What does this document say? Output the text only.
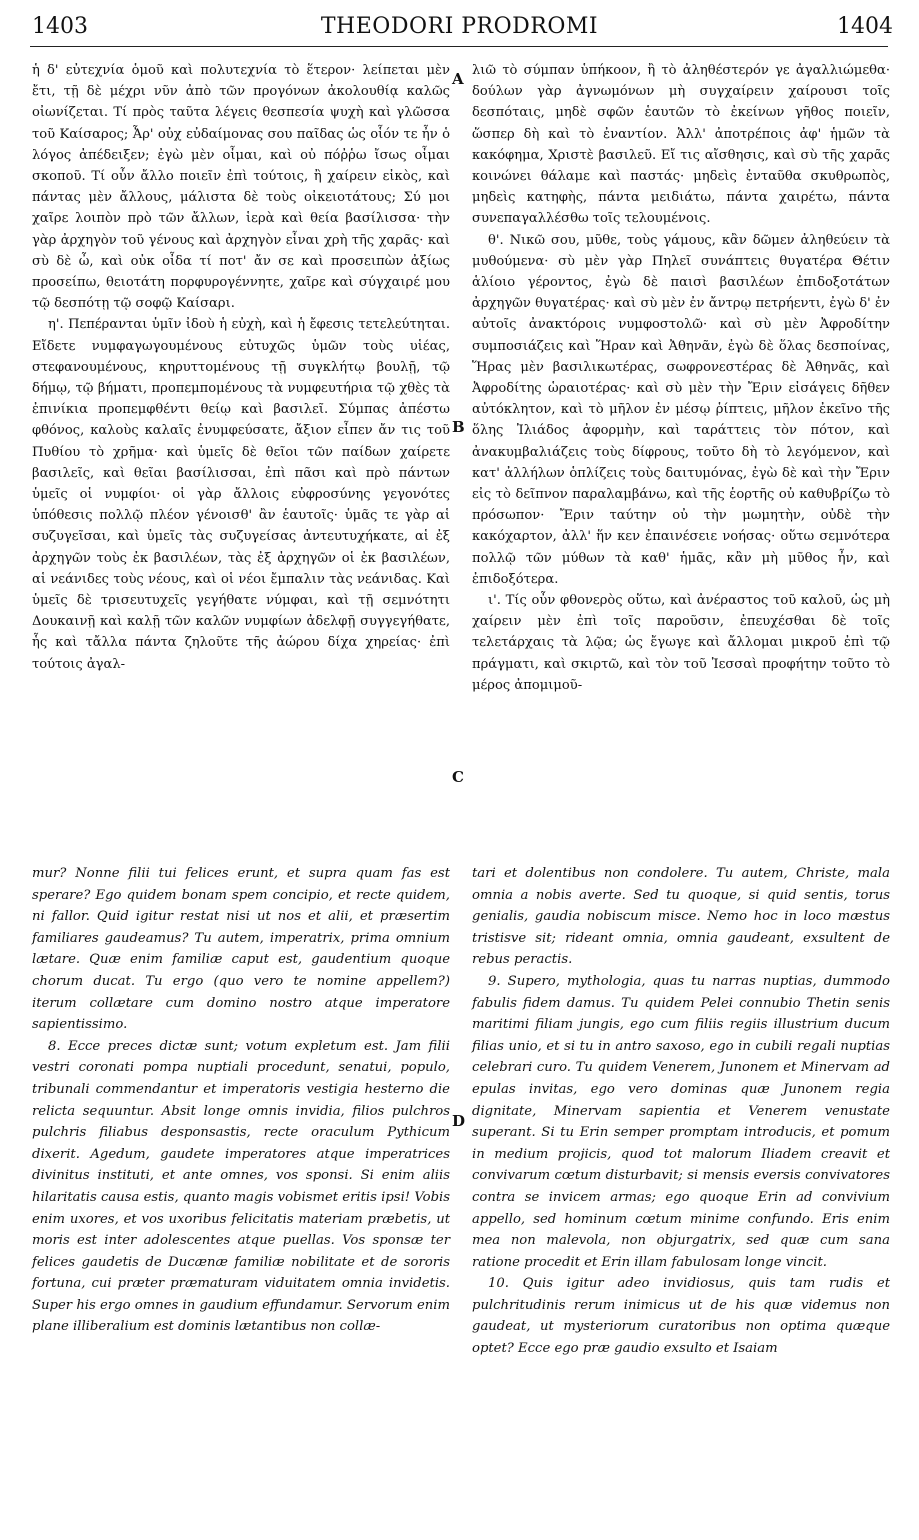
1403	THEODORI PRODROMI	1404

ἡ δ' εὐτεχνία ὁμοῦ καὶ πολυτεχνία τὸ ἕτερον· λείπεται μὲν ἔτι, τῇ δὲ μέχρι νῦν ἀπὸ τῶν προγόνων ἀκολουθίᾳ καλῶς οἰωνίζεται. Τί πρὸς ταῦτα λέγεις θεσπεσία ψυχὴ καὶ γλῶσσα τοῦ Καίσαρος; Ἆρ' οὐχ εὐδαίμονας σου παῖδας ὡς οἷόν τε ἦν ὁ λόγος ἀπέδειξεν; ἐγὼ μὲν οἶμαι, καὶ οὐ πόῤῥω ἴσως οἶμαι σκοποῦ. Τί οὖν ἄλλο ποιεῖν ἐπὶ τούτοις, ἢ χαίρειν εἰκὸς, καὶ πάντας μὲν ἄλλους, μάλιστα δὲ τοὺς οἰκειοτάτους; Σύ μοι χαῖρε λοιπὸν πρὸ τῶν ἄλλων, ἱερὰ καὶ θεία βασίλισσα· τὴν γὰρ ἀρχηγὸν τοῦ γένους καὶ ἀρχηγὸν εἶναι χρὴ τῆς χαρᾶς· καὶ σὺ δὲ ὦ, καὶ οὐκ οἶδα τί ποτ' ἄν σε καὶ προσειπὼν ἀξίως προσείπω, θειοτάτη πορφυρογέννητε, χαῖρε καὶ σύγχαιρέ μου τῷ δεσπότῃ τῷ σοφῷ Καίσαρι.

η'. Πεπέρανται ὑμῖν ἰδοὺ ἡ εὐχὴ, καὶ ἡ ἔφεσις τετελεύτηται. Εἴδετε νυμφαγωγουμένους εὐτυχῶς ὑμῶν τοὺς υἱέας, στεφανουμένους, κηρυττομένους τῇ συγκλήτῳ βουλῇ, τῷ δήμῳ, τῷ βήματι, προπεμπομένους τὰ νυμφευτήρια τῷ χθὲς τὰ ἐπινίκια προπεμφθέντι θείῳ καὶ βασιλεῖ. Σύμπας ἀπέστω φθόνος, καλοὺς καλαῖς ἐνυμφεύσατε, ἄξιον εἶπεν ἄν τις τοῦ Πυθίου τὸ χρῆμα· καὶ ὑμεῖς δὲ θεῖοι τῶν παίδων χαίρετε βασιλεῖς, καὶ θεῖαι βασίλισσαι, ἐπὶ πᾶσι καὶ πρὸ πάντων ὑμεῖς οἱ νυμφίοι· οἱ γὰρ ἄλλοις εὐφροσύνης γεγονότες ὑπόθεσις πολλῷ πλέον γένοισθ' ἂν ἑαυτοῖς· ὑμᾶς τε γὰρ αἱ συζυγεῖσαι, καὶ ὑμεῖς τὰς συζυγείσας ἀντευτυχήκατε, αἱ ἐξ ἀρχηγῶν τοὺς ἐκ βασιλέων, τὰς ἐξ ἀρχηγῶν οἱ ἐκ βασιλέων, αἱ νεάνιδες τοὺς νέους, καὶ οἱ νέοι ἔμπαλιν τὰς νεάνιδας. Καὶ ὑμεῖς δὲ τρισευτυχεῖς γεγήθατε νύμφαι, καὶ τῇ σεμνότητι Δουκαινῇ καὶ καλῇ τῶν καλῶν νυμφίων ἀδελφῇ συγγεγήθατε, ἧς καὶ τἄλλα πάντα ζηλοῦτε τῆς ἀώρου δίχα χηρείας· ἐπὶ τούτοις ἀγαλ-

λιῶ τὸ σύμπαν ὑπήκοον, ἢ τὸ ἀληθέστερόν γε ἀγαλλιώμεθα· δούλων γὰρ ἀγνωμόνων μὴ συγχαίρειν χαίρουσι τοῖς δεσπόταις, μηδὲ σφῶν ἑαυτῶν τὸ ἐκείνων γῆθος ποιεῖν, ὥσπερ δὴ καὶ τὸ ἐναντίον. Ἀλλ' ἀποτρέποις ἀφ' ἡμῶν τὰ κακόφημα, Χριστὲ βασιλεῦ. Εἴ τις αἴσθησις, καὶ σὺ τῆς χαρᾶς κοινώνει θάλαμε καὶ παστάς· μηδεὶς ἐνταῦθα σκυθρωπὸς, μηδεὶς κατηφὴς, πάντα μειδιάτω, πάντα χαιρέτω, πάντα συνεπαγαλλέσθω τοῖς τελουμένοις.

θ'. Νικῶ σου, μῦθε, τοὺς γάμους, κἂν δῶμεν ἀληθεύειν τὰ μυθούμενα· σὺ μὲν γὰρ Πηλεῖ συνάπτεις θυγατέρα Θέτιν ἁλίοιο γέροντος, ἐγὼ δὲ παισὶ βασιλέων ἐπιδοξοτάτων ἀρχηγῶν θυγατέρας· καὶ σὺ μὲν ἐν ἄντρῳ πετρήεντι, ἐγὼ δ' ἐν αὐτοῖς ἀνακτόροις νυμφοστολῶ· καὶ σὺ μὲν Ἀφροδίτην συμποσιάζεις καὶ Ἥραν καὶ Ἀθηνᾶν, ἐγὼ δὲ ὅλας δεσποίνας, Ἥρας μὲν βασιλικωτέρας, σωφρονεστέρας δὲ Ἀθηνᾶς, καὶ Ἀφροδίτης ὡραιοτέρας· καὶ σὺ μὲν τὴν Ἔριν εἰσάγεις δῆθεν αὐτόκλητον, καὶ τὸ μῆλον ἐν μέσῳ ῥίπτεις, μῆλον ἐκεῖνο τῆς ὅλης Ἰλιάδος ἀφορμὴν, καὶ ταράττεις τὸν πότον, καὶ ἀνακυμβαλιάζεις τοὺς δίφρους, τοῦτο δὴ τὸ λεγόμενον, καὶ κατ' ἀλλήλων ὁπλίζεις τοὺς δαιτυμόνας, ἐγὼ δὲ καὶ τὴν Ἔριν εἰς τὸ δεῖπνον παραλαμβάνω, καὶ τῆς ἑορτῆς οὐ καθυβρίζω τὸ πρόσωπον· Ἔριν ταύτην οὐ τὴν μωμητὴν, οὐδὲ τὴν κακόχαρτον, ἀλλ' ἥν κεν ἐπαινέσειε νοήσας· οὕτω σεμνότερα πολλῷ τῶν μύθων τὰ καθ' ἡμᾶς, κἂν μὴ μῦθος ἦν, καὶ ἐπιδοξότερα.

ι'. Τίς οὖν φθονερὸς οὕτω, καὶ ἀνέραστος τοῦ καλοῦ, ὡς μὴ χαίρειν μὲν ἐπὶ τοῖς παροῦσιν, ἐπευχέσθαι δὲ τοῖς τελετάρχαις τὰ λῷα; ὡς ἔγωγε καὶ ἄλλομαι μικροῦ ἐπὶ τῷ πράγματι, καὶ σκιρτῶ, καὶ τὸν τοῦ Ἰεσσαὶ προφήτην τοῦτο τὸ μέρος ἀπομιμοῦ-

mur? Nonne filii tui felices erunt, et supra quam fas est sperare? Ego quidem bonam spem concipio, et recte quidem, ni fallor. Quid igitur restat nisi ut nos et alii, et præsertim familiares gaudeamus? Tu autem, imperatrix, prima omnium lætare. Quæ enim familiæ caput est, gaudentium quoque chorum ducat. Tu ergo (quo vero te nomine appellem?) iterum collætare cum domino nostro atque imperatore sapientissimo.

8. Ecce preces dictæ sunt; votum expletum est. Jam filii vestri coronati pompa nuptiali procedunt, senatui, populo, tribunali commendantur et imperatoris vestigia hesterno die relicta sequuntur. Absit longe omnis invidia, filios pulchros pulchris filiabus desponsastis, recte oraculum Pythicum dixerit. Agedum, gaudete imperatores atque imperatrices divinitus instituti, et ante omnes, vos sponsi. Si enim aliis hilaritatis causa estis, quanto magis vobismet eritis ipsi! Vobis enim uxores, et vos uxoribus felicitatis materiam præbetis, ut moris est inter adolescentes atque puellas. Vos sponsæ ter felices gaudetis de Ducænæ familiæ nobilitate et de sororis fortuna, cui præter præmaturam viduitatem omnia invidetis. Super his ergo omnes in gaudium effundamur. Servorum enim plane illiberalium est dominis lætantibus non collæ-

tari et dolentibus non condolere. Tu autem, Christe, mala omnia a nobis averte. Sed tu quoque, si quid sentis, torus genialis, gaudia nobiscum misce. Nemo hoc in loco mæstus tristisve sit; rideant omnia, omnia gaudeant, exsultent de rebus peractis.

9. Supero, mythologia, quas tu narras nuptias, dummodo fabulis fidem damus. Tu quidem Pelei connubio Thetin senis maritimi filiam jungis, ego cum filiis regiis illustrium ducum filias unio, et si tu in antro saxoso, ego in cubili regali nuptias celebrari curo. Tu quidem Venerem, Junonem et Minervam ad epulas invitas, ego vero dominas quæ Junonem regia dignitate, Minervam sapientia et Venerem venustate superant. Si tu Erin semper promptam introducis, et pomum in medium projicis, quod tot malorum Iliadem creavit et convivarum cœtum disturbavit; si mensis eversis convivatores contra se invicem armas; ego quoque Erin ad convivium appello, sed hominum cœtum minime confundo. Eris enim mea non malevola, non objurgatrix, sed quæ cum sana ratione procedit et Erin illam fabulosam longe vincit.

10. Quis igitur adeo invidiosus, quis tam rudis et pulchritudinis rerum inimicus ut de his quæ videmus non gaudeat, ut mysteriorum curatoribus non optima quæque optet? Ecce ego præ gaudio exsulto et Isaiam

A
B
C
D
